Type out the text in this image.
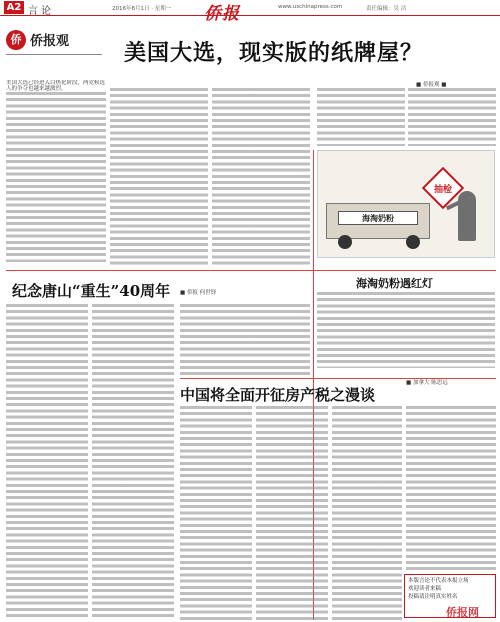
A2 言 论	2016年8月1日 · 星期一 侨报	www.uschinapress.com	责任编辑：吴 洁
侨 侨报观 美国大选，现实版的纸牌屋？
■ 侨报观 ■
美国大选已经进入白热化阶段，两党候选人的争夺也越来越激烈。
海淘奶粉
抽检
纪念唐山“重生”40周年 ■ 侨报 何世铎
海淘奶粉遇红灯
中国将全面开征房产税之漫谈
■ 加拿大 陈思远
本版言论不代表本报立场
欢迎读者来稿
投稿请注明真实姓名
侨报网
